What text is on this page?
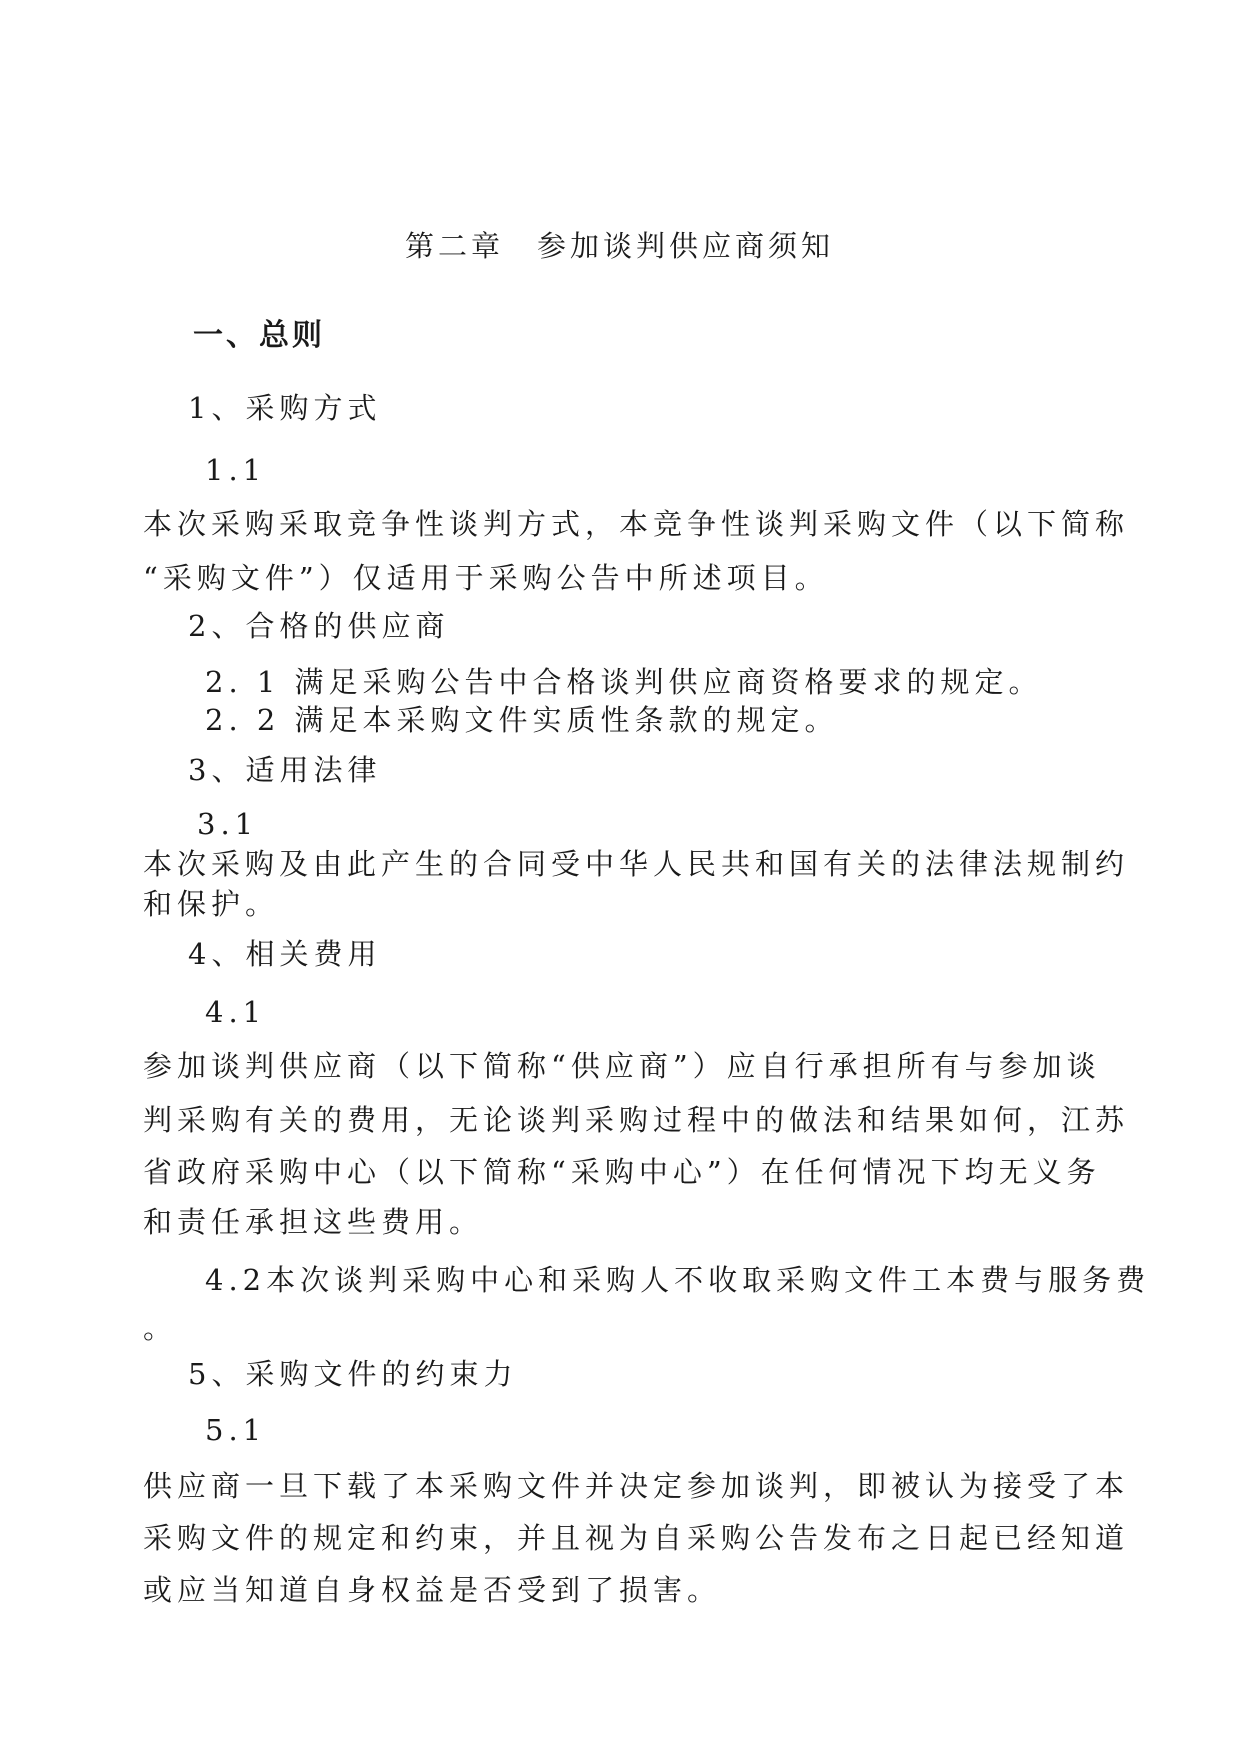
第二章　参加谈判供应商须知
一、总则
1、采购方式
1.1
本次采购采取竞争性谈判方式，本竞争性谈判采购文件（以下简称
“采购文件”）仅适用于采购公告中所述项目。
2、合格的供应商
2. 1 满足采购公告中合格谈判供应商资格要求的规定。
2. 2 满足本采购文件实质性条款的规定。
3、适用法律
3.1
本次采购及由此产生的合同受中华人民共和国有关的法律法规制约
和保护。
4、相关费用
4.1
参加谈判供应商（以下简称“供应商”）应自行承担所有与参加谈
判采购有关的费用，无论谈判采购过程中的做法和结果如何，江苏
省政府采购中心（以下简称“采购中心”）在任何情况下均无义务
和责任承担这些费用。
4.2本次谈判采购中心和采购人不收取采购文件工本费与服务费
。
5、采购文件的约束力
5.1
供应商一旦下载了本采购文件并决定参加谈判，即被认为接受了本
采购文件的规定和约束，并且视为自采购公告发布之日起已经知道
或应当知道自身权益是否受到了损害。
